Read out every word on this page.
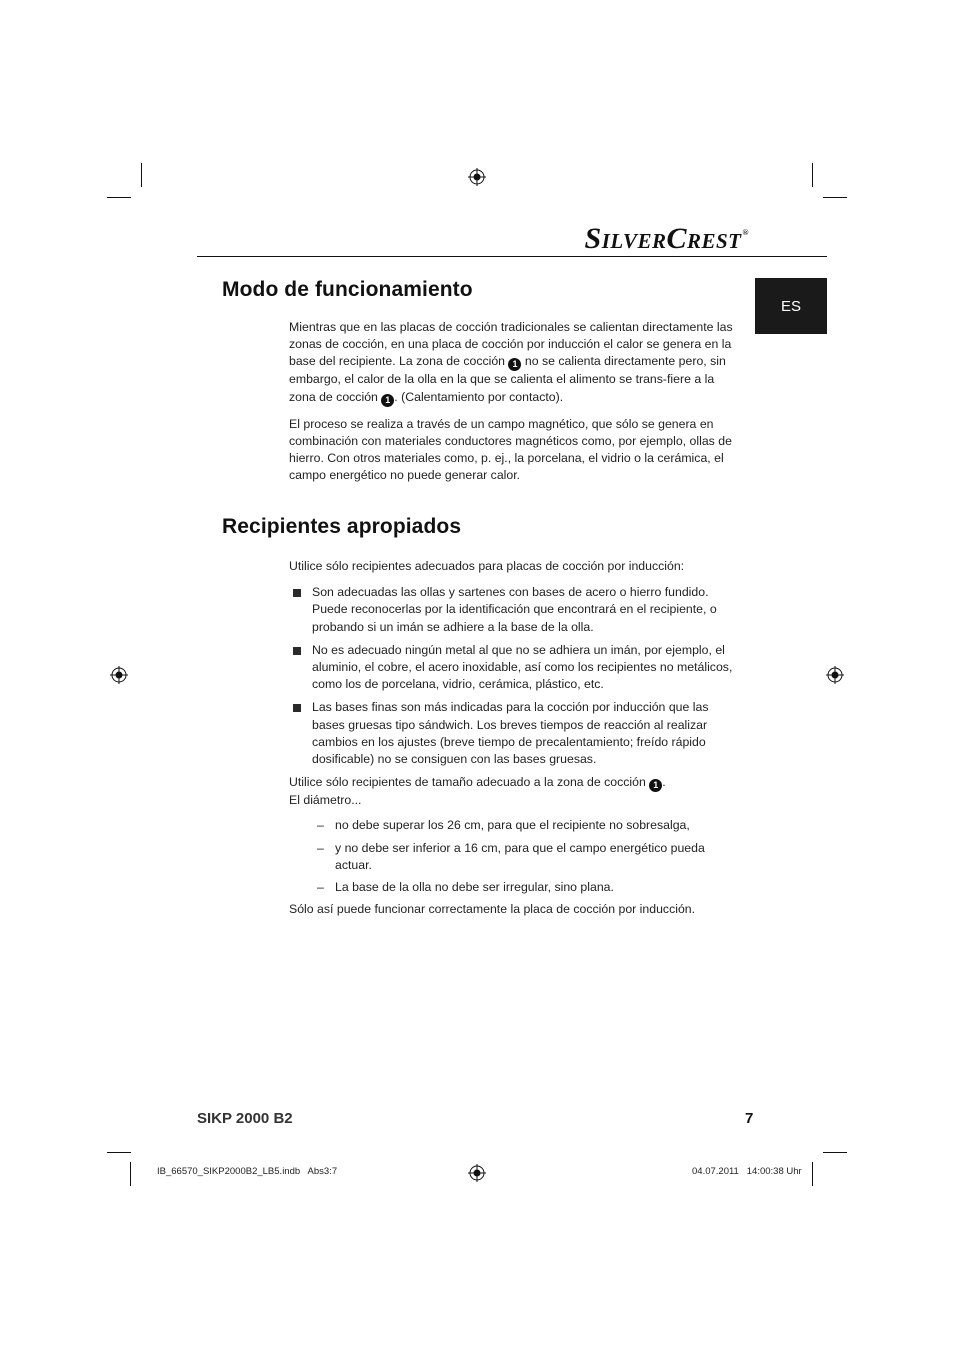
SILVERCREST®
ES
Modo de funcionamiento

Mientras que en las placas de cocción tradicionales se calientan directamente las zonas de cocción, en una placa de cocción por inducción el calor se genera en la base del recipiente. La zona de cocción 1 no se calienta directamente pero, sin embargo, el calor de la olla en la que se calienta el alimento se trans-fiere a la zona de cocción 1 . (Calentamiento por contacto).

El proceso se realiza a través de un campo magnético, que sólo se genera en combinación con materiales conductores magnéticos como, por ejemplo, ollas de hierro. Con otros materiales como, p. ej., la porcelana, el vidrio o la cerámica, el campo energético no puede generar calor.

Recipientes apropiados

Utilice sólo recipientes adecuados para placas de cocción por inducción:

Son adecuadas las ollas y sartenes con bases de acero o hierro fundido. Puede reconocerlas por la identificación que encontrará en el recipiente, o probando si un imán se adhiere a la base de la olla.
No es adecuado ningún metal al que no se adhiera un imán, por ejemplo, el aluminio, el cobre, el acero inoxidable, así como los recipientes no metálicos, como los de porcelana, vidrio, cerámica, plástico, etc.
Las bases finas son más indicadas para la cocción por inducción que las bases gruesas tipo sándwich. Los breves tiempos de reacción al realizar cambios en los ajustes (breve tiempo de precalentamiento; freído rápido dosificable) no se consiguen con las bases gruesas.

Utilice sólo recipientes de tamaño adecuado a la zona de cocción 1 .
El diámetro...

– no debe superar los 26 cm, para que el recipiente no sobresalga,
– y no debe ser inferior a 16 cm, para que el campo energético pueda actuar.
– La base de la olla no debe ser irregular, sino plana.

Sólo así puede funcionar correctamente la placa de cocción por inducción.

SIKP 2000 B2	7
IB_66570_SIKP2000B2_LB5.indb   Abs3:7	04.07.2011   14:00:38 Uhr
